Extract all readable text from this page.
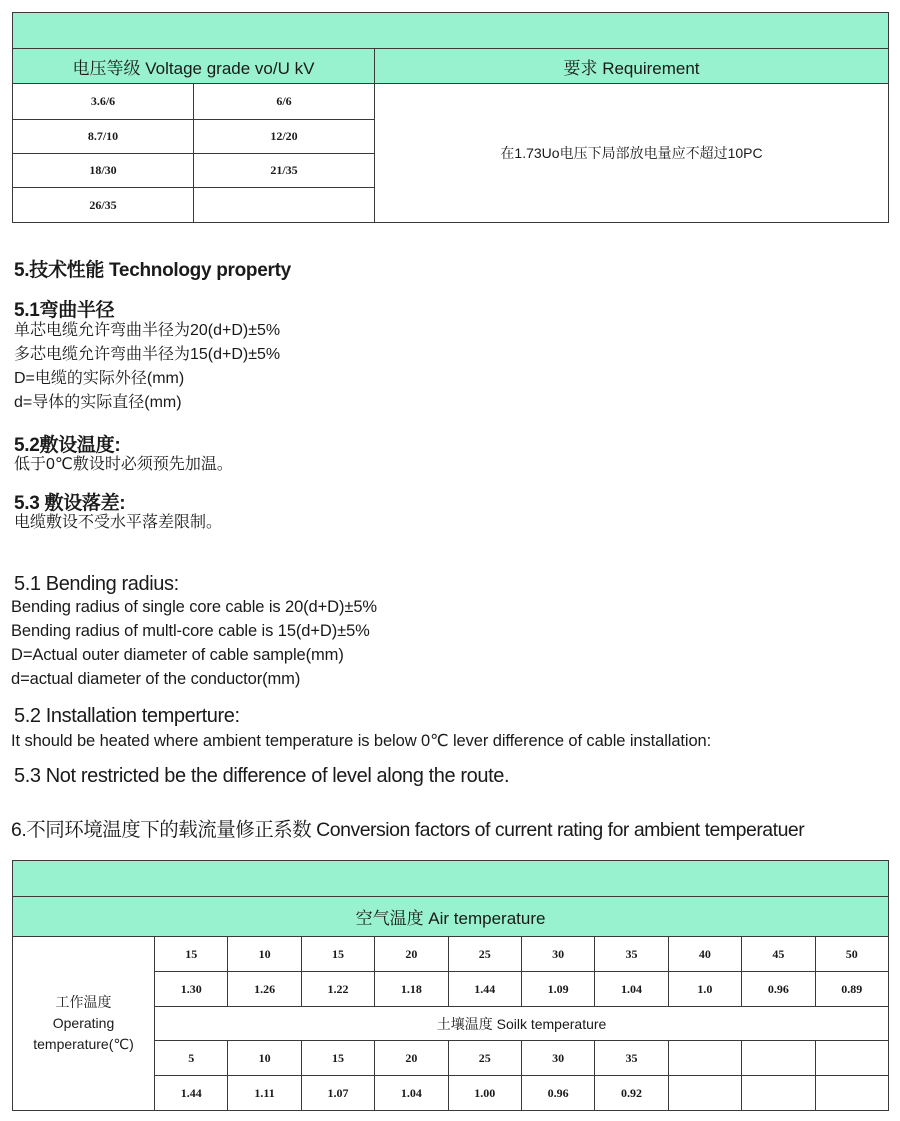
电压等级 Voltage grade vo/U kV		要求 Requirement
3.6/6	6/6	在1.73Uo电压下局部放电量应不超过10PC
8.7/10	12/20	
18/30	21/35	
26/35		
5.技术性能 Technology property
5.1弯曲半径
单芯电缆允许弯曲半径为20(d+D)±5%
多芯电缆允许弯曲半径为15(d+D)±5%
D=电缆的实际外径(mm)
d=导体的实际直径(mm)
5.2敷设温度:
低于0℃敷设时必须预先加温。
5.3 敷设落差:
电缆敷设不受水平落差限制。
5.1 Bending radius:
Bending radius of single core cable is 20(d+D)±5%
Bending radius of multl-core cable is 15(d+D)±5%
D=Actual outer diameter of cable sample(mm)
d=actual diameter of the conductor(mm)
5.2 Installation temperture:
It should be heated where ambient temperature is below 0℃ lever difference of cable installation:
5.3 Not restricted be the difference of level along the route.
6.不同环境温度下的载流量修正系数 Conversion factors of current rating for ambient temperatuer

空气温度 Air temperature										

工作温度
Operating
temperature(℃)	15	10	15	20	25	30	35	40	45	50
	1.30	1.26	1.22	1.18	1.44	1.09	1.04	1.0	0.96	0.89
	土壤温度 Soilk temperature									
	5	10	15	20	25	30	35			
	1.44	1.11	1.07	1.04	1.00	0.96	0.92			
